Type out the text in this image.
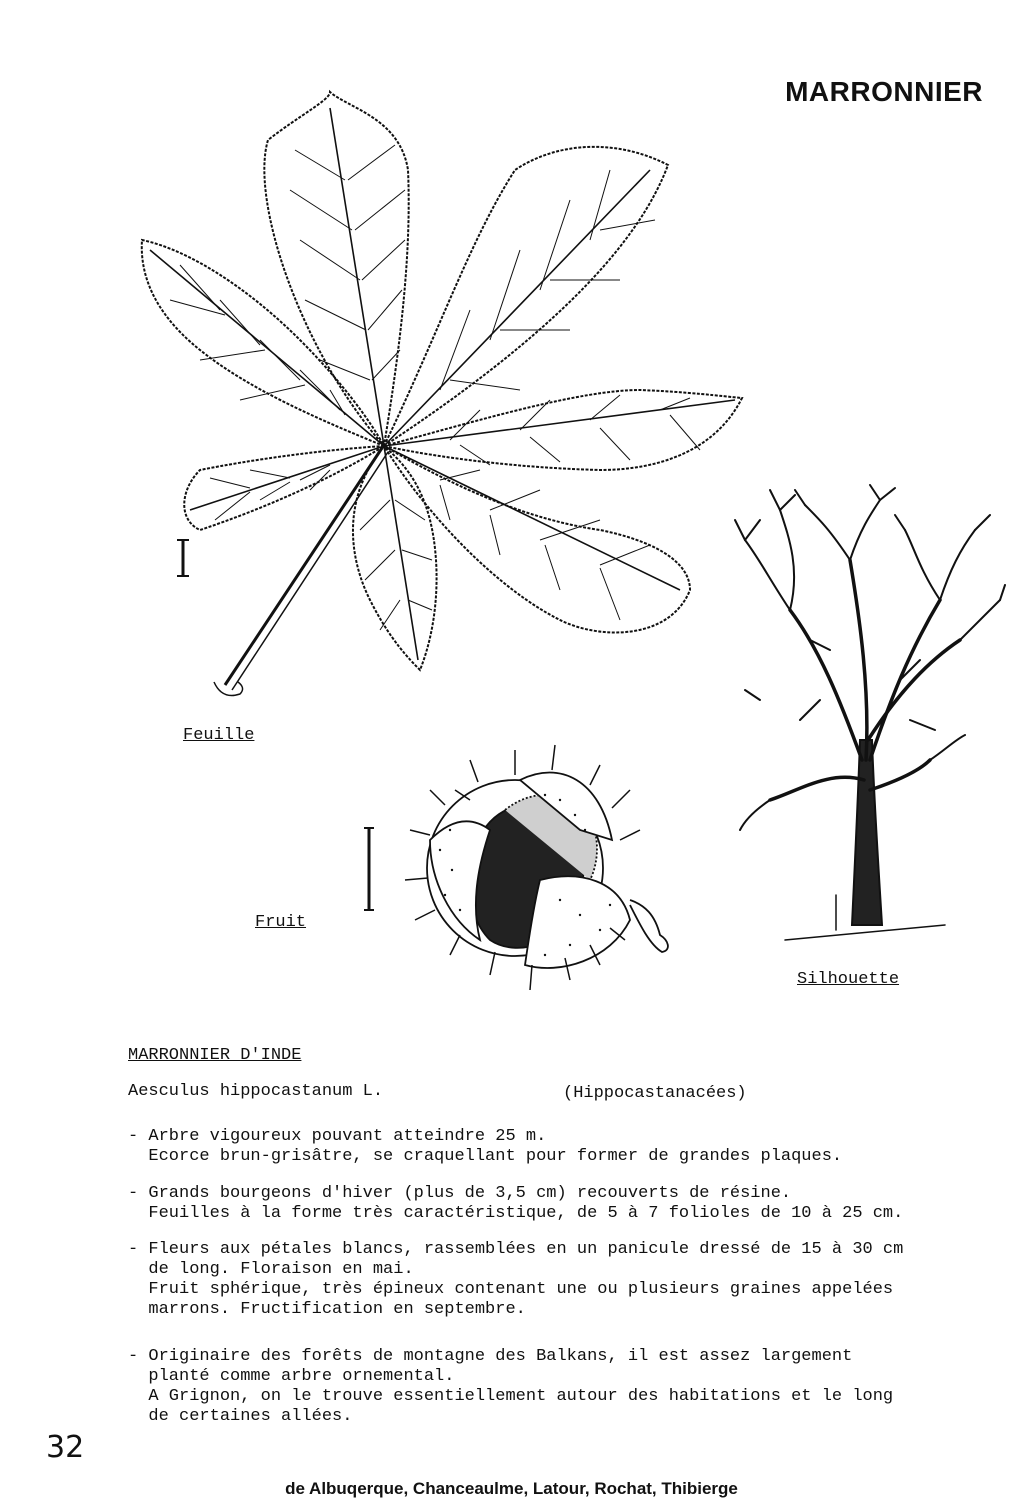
MARRONNIER
Feuille
Fruit
Silhouette
MARRONNIER D'INDE
Aesculus hippocastanum L.	(Hippocastanacées)
- Arbre vigoureux pouvant atteindre 25 m.
Ecorce brun-grisâtre, se craquellant pour former de grandes plaques.
- Grands bourgeons d'hiver (plus de 3,5 cm) recouverts de résine.
Feuilles à la forme très caractéristique, de 5 à 7 folioles de 10 à 25 cm.
- Fleurs aux pétales blancs, rassemblées en un panicule dressé de 15 à 30 cm
de long. Floraison en mai.
Fruit sphérique, très épineux contenant une ou plusieurs graines appelées
marrons. Fructification en septembre.
- Originaire des forêts de montagne des Balkans, il est assez largement
planté comme arbre ornemental.
A Grignon, on le trouve essentiellement autour des habitations et le long
de certaines allées.
32
de Albuqerque, Chanceaulme, Latour, Rochat, Thibierge
